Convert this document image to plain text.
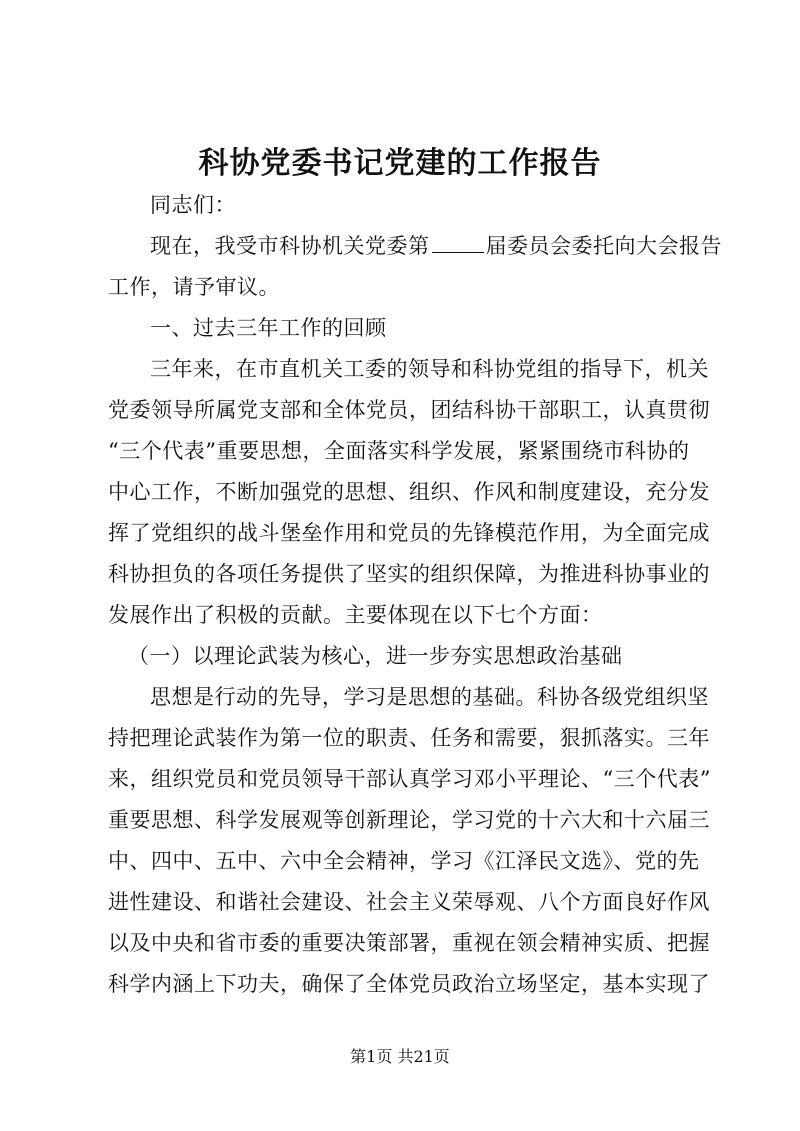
科协党委书记党建的工作报告
同志们：
现在，我受市科协机关党委第	届委员会委托向大会报告
工作，请予审议。
一、过去三年工作的回顾
三年来，在市直机关工委的领导和科协党组的指导下，机关
党委领导所属党支部和全体党员，团结科协干部职工，认真贯彻
“三个代表”重要思想，全面落实科学发展，紧紧围绕市科协的
中心工作，不断加强党的思想、组织、作风和制度建设，充分发
挥了党组织的战斗堡垒作用和党员的先锋模范作用，为全面完成
科协担负的各项任务提供了坚实的组织保障，为推进科协事业的
发展作出了积极的贡献。主要体现在以下七个方面：
（一）以理论武装为核心，进一步夯实思想政治基础
思想是行动的先导，学习是思想的基础。科协各级党组织坚
持把理论武装作为第一位的职责、任务和需要，狠抓落实。三年
来，组织党员和党员领导干部认真学习邓小平理论、“三个代表”
重要思想、科学发展观等创新理论，学习党的十六大和十六届三
中、四中、五中、六中全会精神，学习《江泽民文选》、党的先
进性建设、和谐社会建设、社会主义荣辱观、八个方面良好作风
以及中央和省市委的重要决策部署，重视在领会精神实质、把握
科学内涵上下功夫，确保了全体党员政治立场坚定，基本实现了
第1页 共21页
